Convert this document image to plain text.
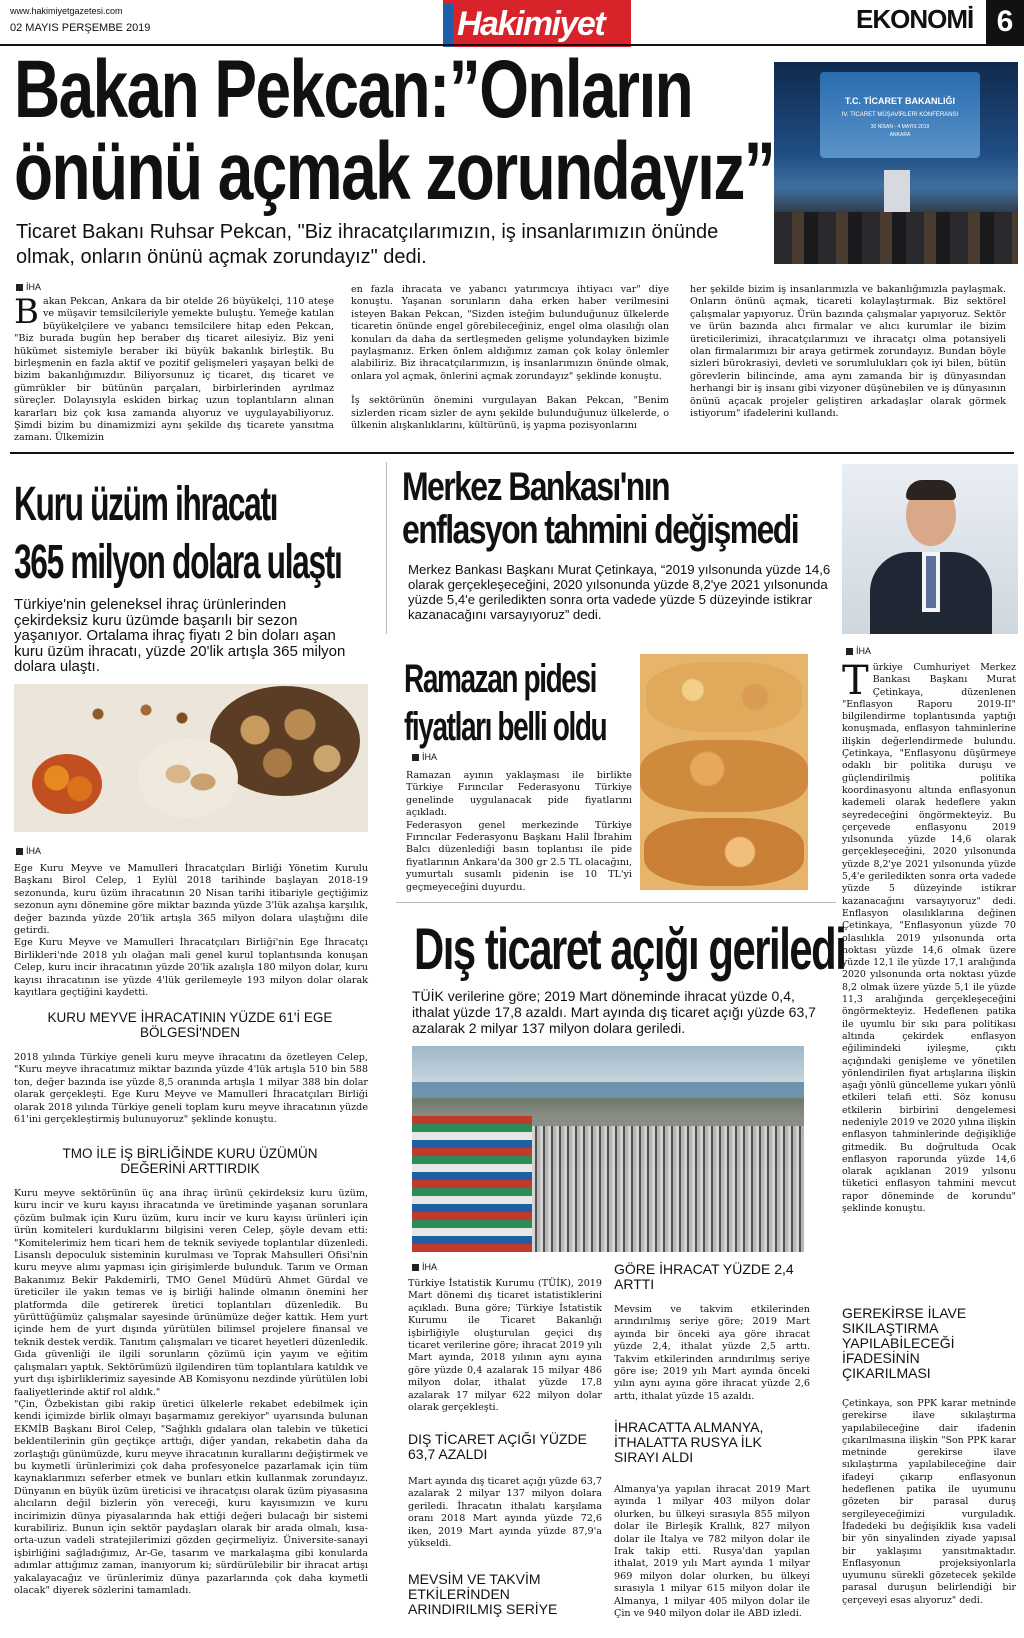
www.hakimiyetgazetesi.com
02 MAYIS PERŞEMBE 2019	Hakimiyet	EKONOMİ 6
Bakan Pekcan:”Onların
önünü açmak zorundayız”
Ticaret Bakanı Ruhsar Pekcan, "Biz ihracatçılarımızın, iş insanlarımızın önünde olmak, onların önünü açmak zorundayız" dedi.
T.C. TİCARET BAKANLIĞI
IV. TİCARET MÜŞAVİRLERİ KONFERANSI
30 NİSAN - 4 MAYIS 2019
ANKARA
İHA
Bakan Pekcan, Ankara da bir otelde 26 büyükelçi, 110 ateşe ve müşavir temsilcileriyle yemekte buluştu. Yemeğe katılan büyükelçilere ve yabancı temsilcilere hitap eden Pekcan, "Biz burada bugün hep beraber dış ticaret ailesiyiz. Biz yeni hükümet sistemiyle beraber iki büyük bakanlık birleştik. Bu birleşmenin en fazla aktif ve pozitif gelişmeleri yaşayan belki de bizim bakanlığımızdır. Biliyorsunuz iç ticaret, dış ticaret ve gümrükler bir bütünün parçaları, birbirlerinden ayrılmaz süreçler. Dolayısıyla eskiden birkaç uzun toplantıların alınan kararları biz çok kısa zamanda alıyoruz ve uygulayabiliyoruz. Şimdi bizim bu dinamizmizi aynı şekilde dış ticarete yansıtma zamanı. Ülkemizin

en fazla ihracata ve yabancı yatırımcıya ihtiyacı var" diye konuştu. Yaşanan sorunların daha erken haber verilmesini isteyen Bakan Pekcan, "Sizden isteğim bulunduğunuz ülkelerde ticaretin önünde engel görebileceğiniz, engel olma olasılığı olan konuları da daha da sertleşmeden gelişme yolundayken bizimle paylaşmanız. Erken önlem aldığımız zaman çok kolay önlemler alabiliriz. Biz ihracatçılarımızın, iş insanlarımızın önünde olmak, onlara yol açmak, önlerini açmak zorundayız" şeklinde konuştu.

İş sektörünün önemini vurgulayan Bakan Pekcan, "Benim sizlerden ricam sizler de aynı şekilde bulunduğunuz ülkelerde, o ülkenin alışkanlıklarını, kültürünü, iş yapma pozisyonlarını

her şekilde bizim iş insanlarımızla ve bakanlığımızla paylaşmak. Onların önünü açmak, ticareti kolaylaştırmak. Biz sektörel çalışmalar yapıyoruz. Ürün bazında çalışmalar yapıyoruz. Sektör ve ürün bazında alıcı firmalar ve alıcı kurumlar ile bizim üreticilerimizi, ihracatçılarımızı ve ihracatçı olma potansiyeli olan firmalarımızı bir araya getirmek zorundayız. Bundan böyle sizleri bürokrasiyi, devleti ve sorumlulukları çok iyi bilen, bütün görevlerin bilincinde, ama aynı zamanda bir iş dünyasından herhangi bir iş insanı gibi vizyoner düşünebilen ve iş dünyasının önünü açacak projeler geliştiren arkadaşlar olarak görmek istiyorum" ifadelerini kullandı.
Kuru üzüm ihracatı
365 milyon dolara ulaştı
Türkiye'nin geleneksel ihraç ürünlerinden çekirdeksiz kuru üzümde başarılı bir sezon yaşanıyor. Ortalama ihraç fiyatı 2 bin doları aşan kuru üzüm ihracatı, yüzde 20'lik artışla 365 milyon dolara ulaştı.
İHA

Ege Kuru Meyve ve Mamulleri İhracatçıları Birliği Yönetim Kurulu Başkanı Birol Celep, 1 Eylül 2018 tarihinde başlayan 2018-19 sezonunda, kuru üzüm ihracatının 20 Nisan tarihi itibariyle geçtiğimiz sezonun aynı dönemine göre miktar bazında yüzde 3'lük azalışa karşılık, değer bazında yüzde 20'lik artışla 365 milyon dolara ulaştığını dile getirdi.

Ege Kuru Meyve ve Mamulleri İhracatçıları Birliği'nin Ege İhracatçı Birlikleri'nde 2018 yılı olağan mali genel kurul toplantısında konuşan Celep, kuru incir ihracatının yüzde 20'lik azalışla 180 milyon dolar, kuru kayısı ihracatının ise yüzde 4'lük gerilemeyle 193 milyon dolar olarak kayıtlara geçtiğini kaydetti.

KURU MEYVE İHRACATININ YÜZDE 61'İ EGE BÖLGESİ'NDEN
2018 yılında Türkiye geneli kuru meyve ihracatını da özetleyen Celep, "Kuru meyve ihracatımız miktar bazında yüzde 4'lük artışla 510 bin 588 ton, değer bazında ise yüzde 8,5 oranında artışla 1 milyar 388 bin dolar olarak gerçekleşti. Ege Kuru Meyve ve Mamulleri İhracatçıları Birliği olarak 2018 yılında Türkiye geneli toplam kuru meyve ihracatının yüzde 61'ini gerçekleştirmiş bulunuyoruz" şeklinde konuştu.
TMO İLE İŞ BİRLİĞİNDE KURU ÜZÜMÜN DEĞERİNİ ARTTIRDIK

Kuru meyve sektörünün üç ana ihraç ürünü çekirdeksiz kuru üzüm, kuru incir ve kuru kayısı ihracatında ve üretiminde yaşanan sorunlara çözüm bulmak için Kuru üzüm, kuru incir ve kuru kayısı ürünleri için ürün komiteleri kurduklarını bilgisini veren Celep, şöyle devam etti: "Komitelerimiz hem ticari hem de teknik seviyede toplantılar düzenledi. Lisanslı depoculuk sisteminin kurulması ve Toprak Mahsulleri Ofisi'nin kuru meyve alımı yapması için girişimlerde bulunduk. Tarım ve Orman Bakanımız Bekir Pakdemirli, TMO Genel Müdürü Ahmet Gürdal ve üreticiler ile yakın temas ve iş birliği halinde olmanın önemini her platformda dile getirerek üretici toplantıları düzenledik. Bu yürüttüğümüz çalışmalar sayesinde ürünümüze değer kattık. Hem yurt içinde hem de yurt dışında yürütülen bilimsel projelere finansal ve teknik destek verdik. Tanıtım çalışmaları ve ticaret heyetleri düzenledik. Gıda güvenliği ile ilgili sorunların çözümü için yayım ve eğitim çalışmaları yaptık. Sektörümüzü ilgilendiren tüm toplantılara katıldık ve yurt dışı işbirliklerimiz sayesinde AB Komisyonu nezdinde yürütülen lobi faaliyetlerinde aktif rol aldık."

"Çin, Özbekistan gibi rakip üretici ülkelerle rekabet edebilmek için kendi içimizde birlik olmayı başarmamız gerekiyor" uyarısında bulunan EKMİB Başkanı Birol Celep, "Sağlıklı gıdalara olan talebin ve tüketici beklentilerinin gün geçtikçe arttığı, diğer yandan, rekabetin daha da zorlaştığı günümüzde, kuru meyve ihracatının kurallarını değiştirmek ve bu kıymetli ürünlerimizi çok daha profesyonelce pazarlamak için tüm kaynaklarımızı seferber etmek ve bunları etkin kullanmak zorundayız. Dünyanın en büyük üzüm üreticisi ve ihracatçısı olarak üzüm piyasasına alıcıların değil bizlerin yön vereceği, kuru kayısımızın ve kuru incirimizin dünya piyasalarında hak ettiği değeri bulacağı bir sistemi kurabiliriz. Bunun için sektör paydaşları olarak bir arada olmalı, kısa-orta-uzun vadeli stratejilerimizi gözden geçirmeliyiz. Üniversite-sanayi işbirliğini sağladığımız, Ar-Ge, tasarım ve markalaşma gibi konularda adımlar attığımız zaman, inanıyorum ki; sürdürülebilir bir ihracat artışı yakalayacağız ve ürünlerimiz dünya pazarlarında çok daha kıymetli olacak" diyerek sözlerini tamamladı.

Merkez Bankası'nın
enflasyon tahmini değişmedi
Merkez Bankası Başkanı Murat Çetinkaya, “2019 yılsonunda yüzde 14,6 olarak gerçekleşeceğini, 2020 yılsonunda yüzde 8,2'ye 2021 yılsonunda yüzde 5,4'e geriledikten sonra orta vadede yüzde 5 düzeyinde istikrar kazanacağını varsayıyoruz” dedi.
İHA
Türkiye Cumhuriyet Merkez Bankası Başkanı Murat Çetinkaya, düzenlenen "Enflasyon Raporu 2019-II" bilgilendirme toplantısında yaptığı konuşmada, enflasyon tahminlerine ilişkin değerlendirmede bulundu. Çetinkaya, "Enflasyonu düşürmeye odaklı bir politika duruşu ve güçlendirilmiş politika koordinasyonu altında enflasyonun kademeli olarak hedeflere yakın seyredeceğini öngörmekteyiz. Bu çerçevede enflasyonu 2019 yılsonunda yüzde 14,6 olarak gerçekleşeceğini, 2020 yılsonunda yüzde 8,2'ye 2021 yılsonunda yüzde 5,4'e geriledikten sonra orta vadede yüzde 5 düzeyinde istikrar kazanacağını varsayıyoruz" dedi. Enflasyon olasılıklarına değinen Çetinkaya, "Enflasyonun yüzde 70 olasılıkla 2019 yılsonunda orta noktası yüzde 14,6 olmak üzere yüzde 12,1 ile yüzde 17,1 aralığında 2020 yılsonunda orta noktası yüzde 8,2 olmak üzere yüzde 5,1 ile yüzde 11,3 aralığında gerçekleşeceğini öngörmekteyiz. Hedeflenen patika ile uyumlu bir sıkı para politikası altında çekirdek enflasyon eğilimindeki iyileşme, çıktı açığındaki genişleme ve yönetilen yönlendirilen fiyat artışlarına ilişkin aşağı yönlü güncelleme yukarı yönlü etkileri telafi etti. Söz konusu etkilerin birbirini dengelemesi nedeniyle 2019 ve 2020 yılına ilişkin enflasyon tahminlerinde değişikliğe gitmedik. Bu doğrultuda Ocak enflasyon raporunda yüzde 14,6 olarak açıklanan 2019 yılsonu tüketici enflasyon tahmini mevcut rapor döneminde de korundu" şeklinde konuştu.
GEREKİRSE İLAVE SIKILAŞTIRMA YAPILABİLECEĞİ İFADESİNİN ÇIKARILMASI
Çetinkaya, son PPK karar metninde gerekirse ilave sıkılaştırma yapılabileceğine dair ifadenin çıkarılmasına ilişkin "Son PPK karar metninde gerekirse ilave sıkılaştırma yapılabileceğine dair ifadeyi çıkarıp enflasyonun hedeflenen patika ile uyumunu gözeten bir parasal duruş sergileyeceğimizi vurguladık. İfadedeki bu değişiklik kısa vadeli bir yön sinyalinden ziyade yapısal bir yaklaşımı yansıtmaktadır. Enflasyonun projeksiyonlarla uyumunu sürekli gözetecek şekilde parasal duruşun belirlendiği bir çerçeveyi esas alıyoruz" dedi.
Ramazan pidesi
fiyatları belli oldu
İHA

Ramazan ayının yaklaşması ile birlikte Türkiye Fırıncılar Federasyonu Türkiye genelinde uygulanacak pide fiyatlarını açıkladı.

Federasyon genel merkezinde Türkiye Fırıncılar Federasyonu Başkanı Halil İbrahim Balcı düzenlediği basın toplantısı ile pide fiyatlarının Ankara'da 300 gr 2.5 TL olacağını, yumurtalı susamlı pidenin ise 10 TL'yi geçmeyeceğini duyurdu.

Dış ticaret açığı geriledi
TÜİK verilerine göre; 2019 Mart döneminde ihracat yüzde 0,4, ithalat yüzde 17,8 azaldı. Mart ayında dış ticaret açığı yüzde 63,7 azalarak 2 milyar 137 milyon dolara geriledi.
İHA
Türkiye İstatistik Kurumu (TÜİK), 2019 Mart dönemi dış ticaret istatistiklerini açıkladı. Buna göre; Türkiye İstatistik Kurumu ile Ticaret Bakanlığı işbirliğiyle oluşturulan geçici dış ticaret verilerine göre; ihracat 2019 yılı Mart ayında, 2018 yılının aynı ayına göre yüzde 0,4 azalarak 15 milyar 486 milyon dolar, ithalat yüzde 17,8 azalarak 17 milyar 622 milyon dolar olarak gerçekleşti.
DIŞ TİCARET AÇIĞI YÜZDE 63,7 AZALDI
Mart ayında dış ticaret açığı yüzde 63,7 azalarak 2 milyar 137 milyon dolara geriledi. İhracatın ithalatı karşılama oranı 2018 Mart ayında yüzde 72,6 iken, 2019 Mart ayında yüzde 87,9'a yükseldi.
MEVSİM VE TAKVİM ETKİLERİNDEN ARINDIRILMIŞ SERİYE
GÖRE İHRACAT YÜZDE 2,4 ARTTI
Mevsim ve takvim etkilerinden arındırılmış seriye göre; 2019 Mart ayında bir önceki aya göre ihracat yüzde 2,4, ithalat yüzde 2,5 arttı. Takvim etkilerinden arındırılmış seriye göre ise; 2019 yılı Mart ayında önceki yılın aynı ayına göre ihracat yüzde 2,6 arttı, ithalat yüzde 15 azaldı.
İHRACATTA ALMANYA, İTHALATTA RUSYA İLK SIRAYI ALDI
Almanya'ya yapılan ihracat 2019 Mart ayında 1 milyar 403 milyon dolar olurken, bu ülkeyi sırasıyla 855 milyon dolar ile Birleşik Krallık, 827 milyon dolar ile İtalya ve 782 milyon dolar ile Irak takip etti. Rusya'dan yapılan ithalat, 2019 yılı Mart ayında 1 milyar 969 milyon dolar olurken, bu ülkeyi sırasıyla 1 milyar 615 milyon dolar ile Almanya, 1 milyar 405 milyon dolar ile Çin ve 940 milyon dolar ile ABD izledi.
